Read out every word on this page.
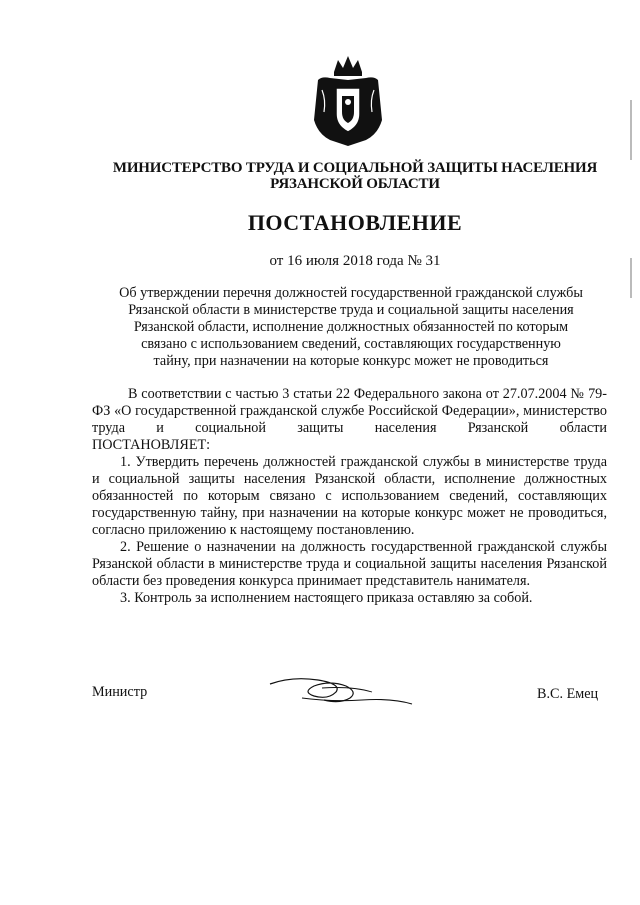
МИНИСТЕРСТВО ТРУДА И СОЦИАЛЬНОЙ ЗАЩИТЫ НАСЕЛЕНИЯ
РЯЗАНСКОЙ ОБЛАСТИ
ПОСТАНОВЛЕНИЕ
от 16 июля 2018 года № 31
Об утверждении перечня должностей государственной гражданской службы
Рязанской области в министерстве труда и социальной защиты населения
Рязанской области, исполнение должностных обязанностей по которым
связано с использованием сведений, составляющих государственную
тайну, при назначении на которые конкурс может не проводиться

В соответствии с частью 3 статьи 22 Федерального закона от 27.07.2004 № 79-ФЗ «О государственной гражданской службе Российской Федерации», министерство труда и социальной защиты населения Рязанской области

ПОСТАНОВЛЯЕТ:

1. Утвердить перечень должностей гражданской службы в министерстве труда и социальной защиты населения Рязанской области, исполнение должностных обязанностей по которым связано с использованием сведений, составляющих государственную тайну, при назначении на которые конкурс может не проводиться, согласно приложению к настоящему постановлению.

2. Решение о назначении на должность государственной гражданской службы Рязанской области в министерстве труда и социальной защиты населения Рязанской области без проведения конкурса принимает представитель нанимателя.

3. Контроль за исполнением настоящего приказа оставляю за собой.

Министр	В.С. Емец
